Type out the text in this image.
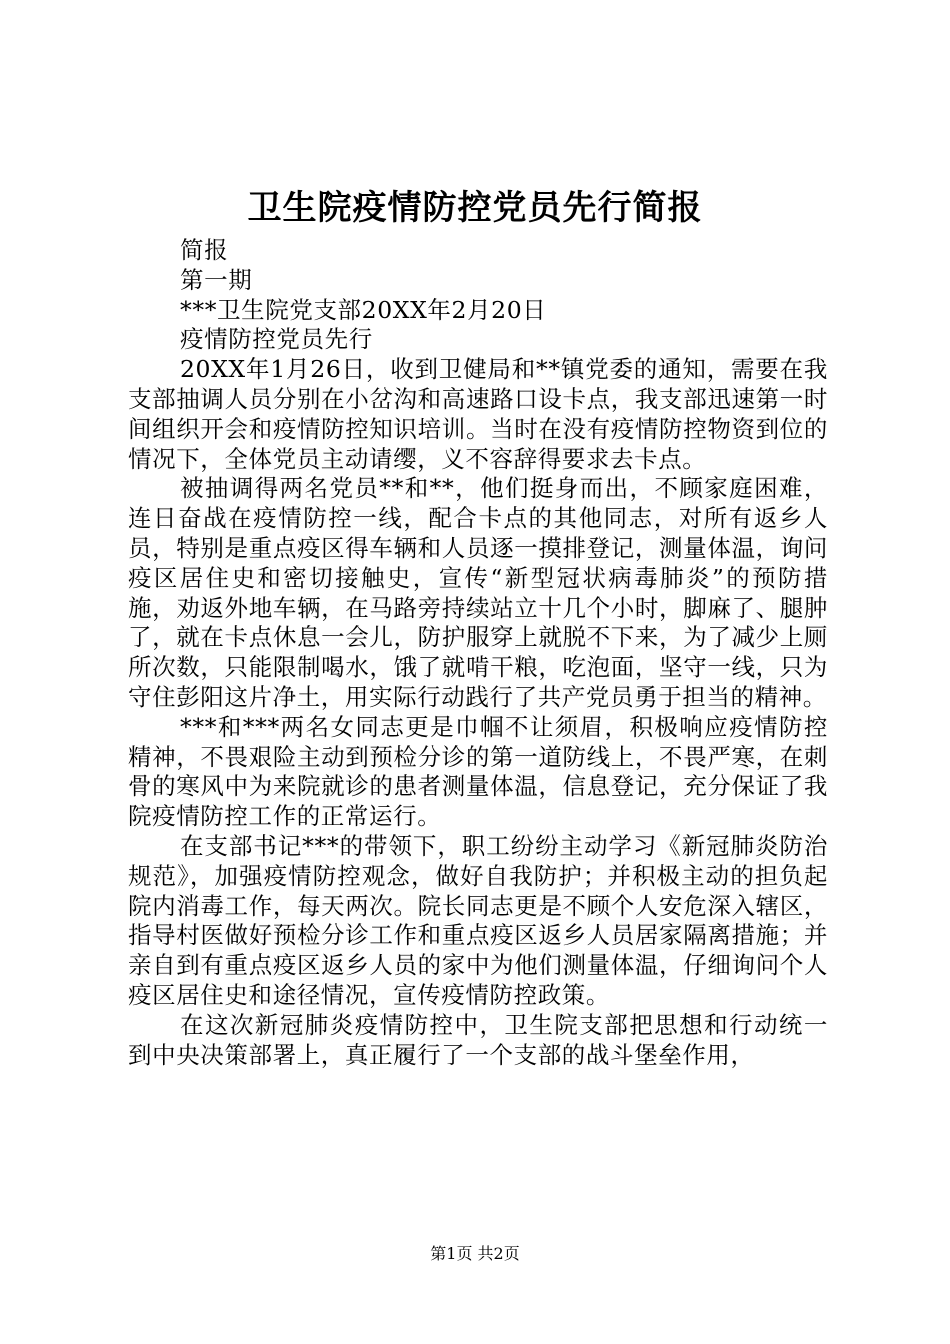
卫生院疫情防控党员先行简报

简报

第一期

***卫生院党支部20XX年2月20日

疫情防控党员先行

20XX年1月26日，收到卫健局和**镇党委的通知，需要在我支部抽调人员分别在小岔沟和高速路口设卡点，我支部迅速第一时间组织开会和疫情防控知识培训。当时在没有疫情防控物资到位的情况下，全体党员主动请缨，义不容辞得要求去卡点。

被抽调得两名党员**和**，他们挺身而出，不顾家庭困难，连日奋战在疫情防控一线，配合卡点的其他同志，对所有返乡人员，特别是重点疫区得车辆和人员逐一摸排登记，测量体温，询问疫区居住史和密切接触史，宣传“新型冠状病毒肺炎”的预防措施，劝返外地车辆，在马路旁持续站立十几个小时，脚麻了、腿肿了，就在卡点休息一会儿，防护服穿上就脱不下来，为了减少上厕所次数，只能限制喝水，饿了就啃干粮，吃泡面，坚守一线，只为守住彭阳这片净土，用实际行动践行了共产党员勇于担当的精神。

***和***两名女同志更是巾帼不让须眉，积极响应疫情防控精神，不畏艰险主动到预检分诊的第一道防线上，不畏严寒，在刺骨的寒风中为来院就诊的患者测量体温，信息登记，充分保证了我院疫情防控工作的正常运行。

在支部书记***的带领下，职工纷纷主动学习《新冠肺炎防治规范》，加强疫情防控观念，做好自我防护；并积极主动的担负起院内消毒工作，每天两次。院长同志更是不顾个人安危深入辖区，指导村医做好预检分诊工作和重点疫区返乡人员居家隔离措施；并亲自到有重点疫区返乡人员的家中为他们测量体温，仔细询问个人疫区居住史和途径情况，宣传疫情防控政策。

在这次新冠肺炎疫情防控中，卫生院支部把思想和行动统一到中央决策部署上，真正履行了一个支部的战斗堡垒作用，

第1页 共2页
